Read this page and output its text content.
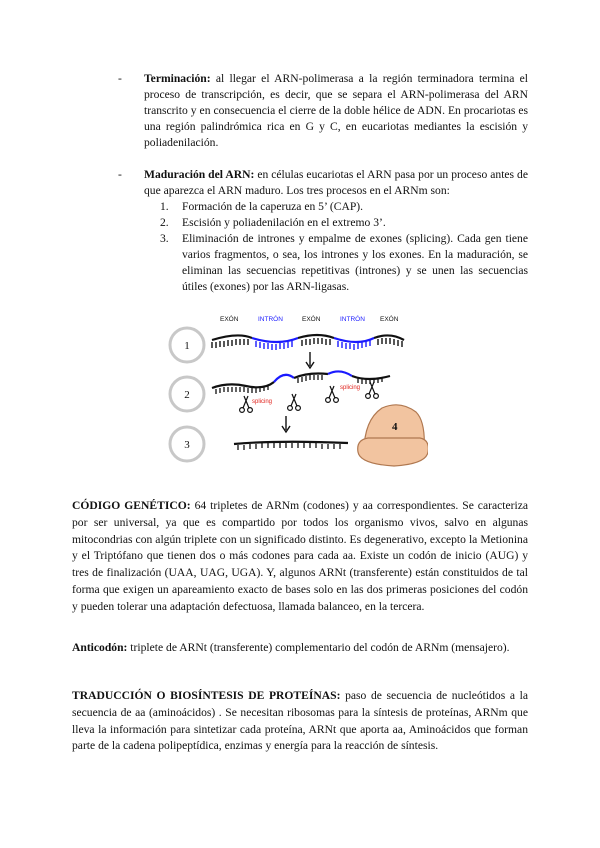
- Terminación: al llegar el ARN-polimerasa a la región terminadora termina el proceso de transcripción, es decir, que se separa el ARN-polimerasa del ARN transcrito y en consecuencia el cierre de la doble hélice de ADN. En procariotas es una región palindrómica rica en G y C, en eucariotas mediantes la escisión y poliadenilación.

- Maduración del ARN: en células eucariotas el ARN pasa por un proceso antes de que aparezca el ARN maduro. Los tres procesos en el ARNm son:

1. Formación de la caperuza en 5’ (CAP).
2. Escisión y poliadenilación en el extremo 3’.
3. Eliminación de intrones y empalme de exones (splicing). Cada gen tiene varios fragmentos, o sea, los intrones y los exones. En la maduración, se eliminan las secuencias repetitivas (intrones) y se unen las secuencias útiles (exones) por las ARN-ligasas.
EXÓN	INTRÓN	EXÓN	INTRÓN EXÓN
1
2
3
splicing
splicing
4

CÓDIGO GENÉTICO: 64 tripletes de ARNm (codones) y aa correspondientes. Se caracteriza por ser universal, ya que es compartido por todos los organismo vivos, salvo en algunas mitocondrias con algún triplete con un significado distinto. Es degenerativo, excepto la Metionina y el Triptófano que tienen dos o más codones para cada aa. Existe un codón de inicio (AUG) y tres de finalización (UAA, UAG, UGA). Y, algunos ARNt (transferente) están constituidos de tal forma que exigen un apareamiento exacto de bases solo en las dos primeras posiciones del codón y pueden tolerar una adaptación defectuosa, llamada balanceo, en la tercera.

Anticodón: triplete de ARNt (transferente) complementario del codón de ARNm (mensajero).

TRADUCCIÓN O BIOSÍNTESIS DE PROTEÍNAS: paso de secuencia de nucleótidos a la secuencia de aa (aminoácidos) . Se necesitan ribosomas para la síntesis de proteínas, ARNm que lleva la información para sintetizar cada proteína, ARNt que aporta aa, Aminoácidos que forman parte de la cadena polipeptídica, enzimas y energía para la reacción de síntesis.
